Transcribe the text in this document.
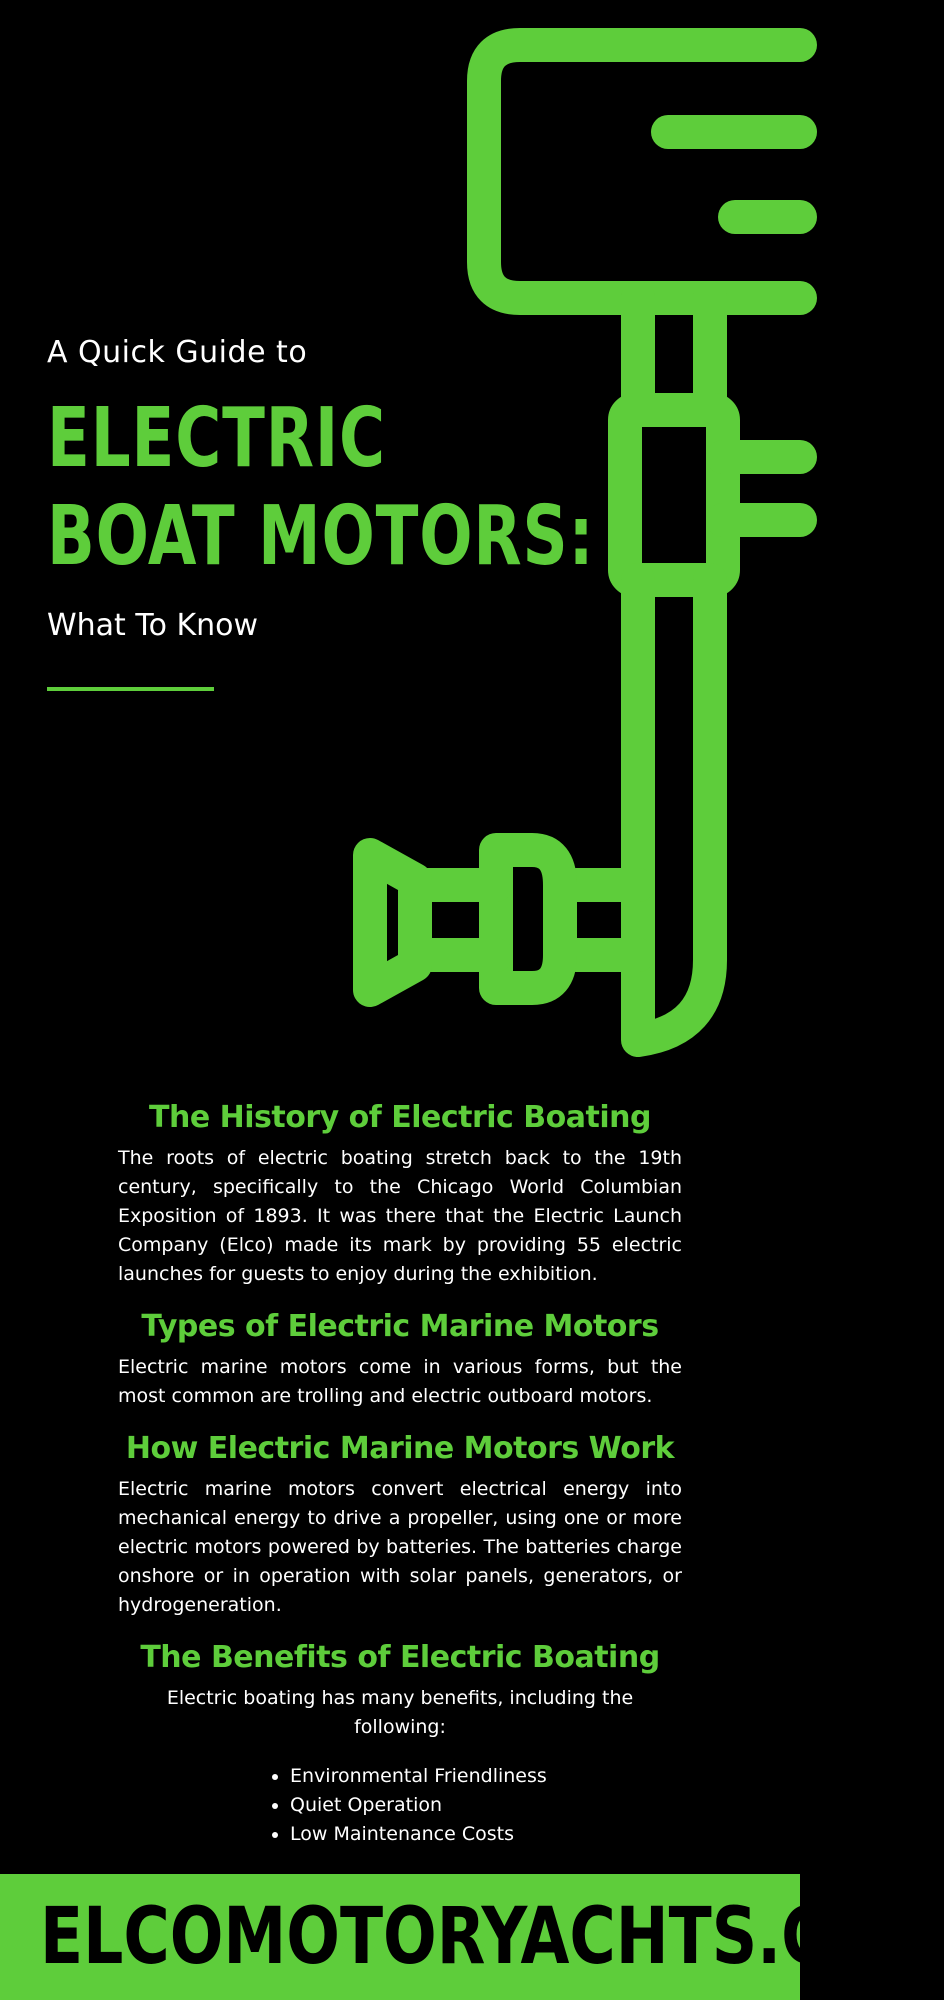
A Quick Guide to

ELECTRIC
BOAT MOTORS:

What To Know

The History of Electric Boating

The roots of electric boating stretch back to the 19th century, specifically to the Chicago World Columbian Exposition of 1893. It was there that the Electric Launch Company (Elco) made its mark by providing 55 electric launches for guests to enjoy during the exhibition.

Types of Electric Marine Motors

Electric marine motors come in various forms, but the most common are trolling and electric outboard motors.

How Electric Marine Motors Work

Electric marine motors convert electrical energy into mechanical energy to drive a propeller, using one or more electric motors powered by batteries. The batteries charge onshore or in operation with solar panels, generators, or hydrogeneration.

The Benefits of Electric Boating

Electric boating has many benefits, including the following:

• Environmental Friendliness
• Quiet Operation
• Low Maintenance Costs
ELCOMOTORYACHTS.COM
